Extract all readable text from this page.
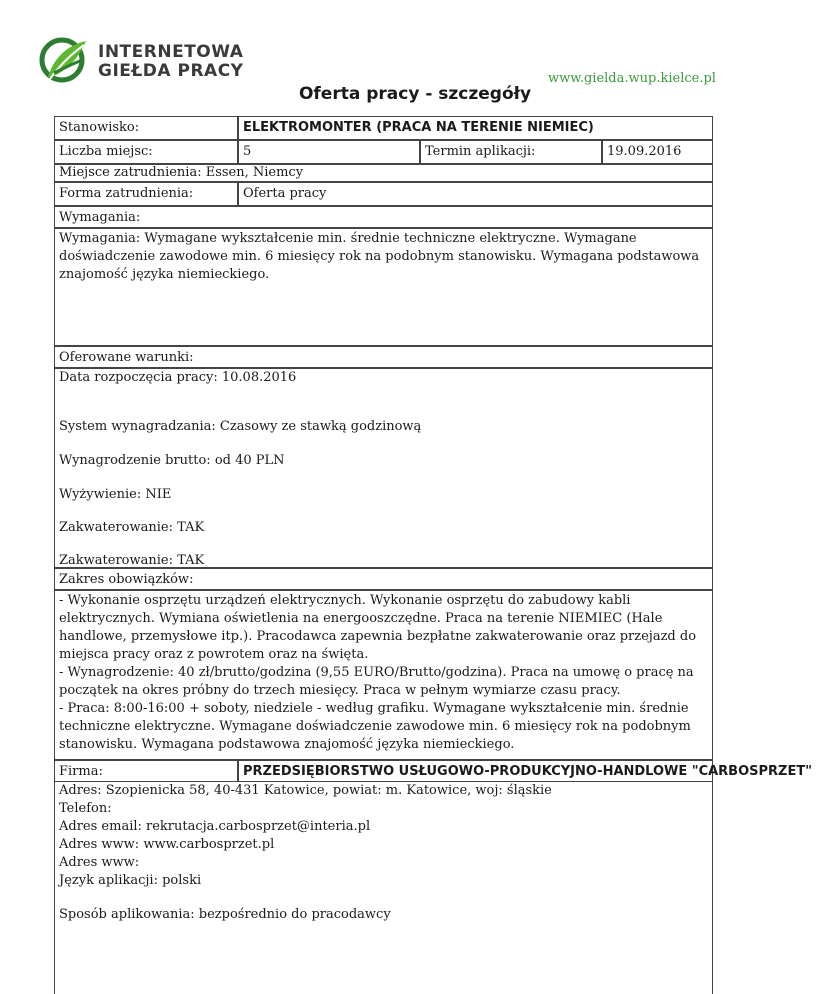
INTERNETOWA
GIEŁDA PRACY	www.gielda.wup.kielce.pl
Oferta pracy - szczegóły
Stanowisko:	ELEKTROMONTER (PRACA NA TERENIE NIEMIEC)
Liczba miejsc:	5	Termin aplikacji:	19.09.2016
Miejsce zatrudnienia: Essen, Niemcy
Forma zatrudnienia:	Oferta pracy
Wymagania:
Wymagania: Wymagane wykształcenie min. średnie techniczne elektryczne. Wymagane doświadczenie zawodowe min. 6 miesięcy rok na podobnym stanowisku. Wymagana podstawowa znajomość języka niemieckiego.
Oferowane warunki:
Data rozpoczęcia pracy: 10.08.2016
System wynagradzania: Czasowy ze stawką godzinową
Wynagrodzenie brutto: od 40 PLN
Wyżywienie: NIE
Zakwaterowanie: TAK
Zakwaterowanie: TAK
Zakres obowiązków:
- Wykonanie osprzętu urządzeń elektrycznych. Wykonanie osprzętu do zabudowy kabli
elektrycznych. Wymiana oświetlenia na energooszczędne. Praca na terenie NIEMIEC (Hale
handlowe, przemysłowe itp.). Pracodawca zapewnia bezpłatne zakwaterowanie oraz przejazd do
miejsca pracy oraz z powrotem oraz na święta.
- Wynagrodzenie: 40 zł/brutto/godzina (9,55 EURO/Brutto/godzina). Praca na umowę o pracę na
początek na okres próbny do trzech miesięcy. Praca w pełnym wymiarze czasu pracy.
- Praca: 8:00-16:00 + soboty, niedziele - według grafiku. Wymagane wykształcenie min. średnie
techniczne elektryczne. Wymagane doświadczenie zawodowe min. 6 miesięcy rok na podobnym
stanowisku. Wymagana podstawowa znajomość języka niemieckiego.
Firma:	PRZEDSIĘBIORSTWO USŁUGOWO-PRODUKCYJNO-HANDLOWE "CARBOSPRZET"
Adres: Szopienicka 58, 40-431 Katowice, powiat: m. Katowice, woj: śląskie
Telefon:
Adres email: rekrutacja.carbosprzet@interia.pl
Adres www: www.carbosprzet.pl
Adres www:
Język aplikacji: polski
Sposób aplikowania: bezpośrednio do pracodawcy
